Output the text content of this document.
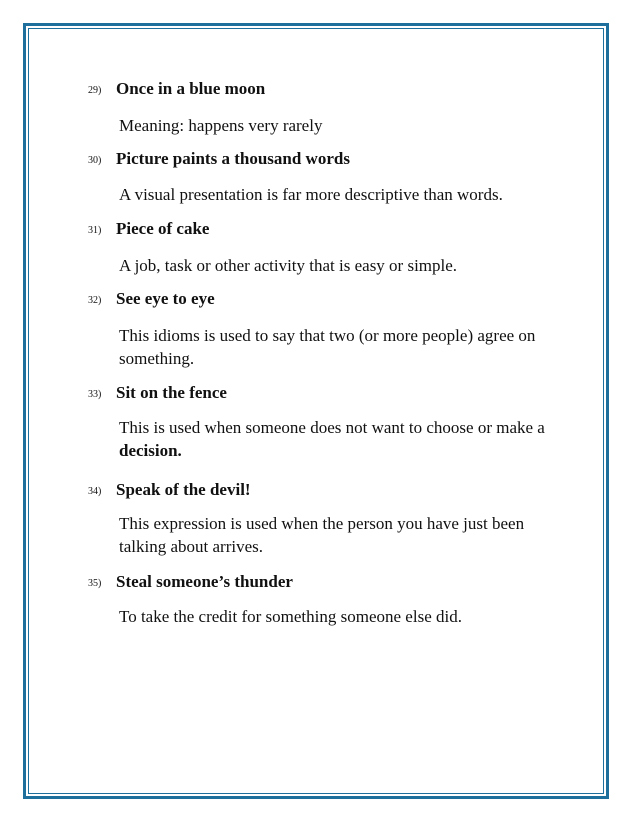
29) Once in a blue moon
Meaning: happens very rarely
30) Picture paints a thousand words
A visual presentation is far more descriptive than words.
31) Piece of cake
A job, task or other activity that is easy or simple.
32) See eye to eye
This idioms is used to say that two (or more people) agree on something.
33) Sit on the fence
This is used when someone does not want to choose or make a decision.
34) Speak of the devil!
This expression is used when the person you have just been talking about arrives.
35) Steal someone’s thunder
To take the credit for something someone else did.
